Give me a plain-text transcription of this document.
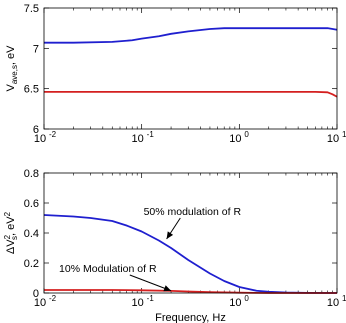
10 -2	10 -1	10 0	10 1
6
6.5
7
7.5
$V_{ave,s}$, eV
10 -2	10 -1	10 0	10 1
0
0.2
0.4
0.6
0.8
$\Delta V^2s$, $eV^2$
Frequency, Hz
50% modulation of R
10% Modulation of R
